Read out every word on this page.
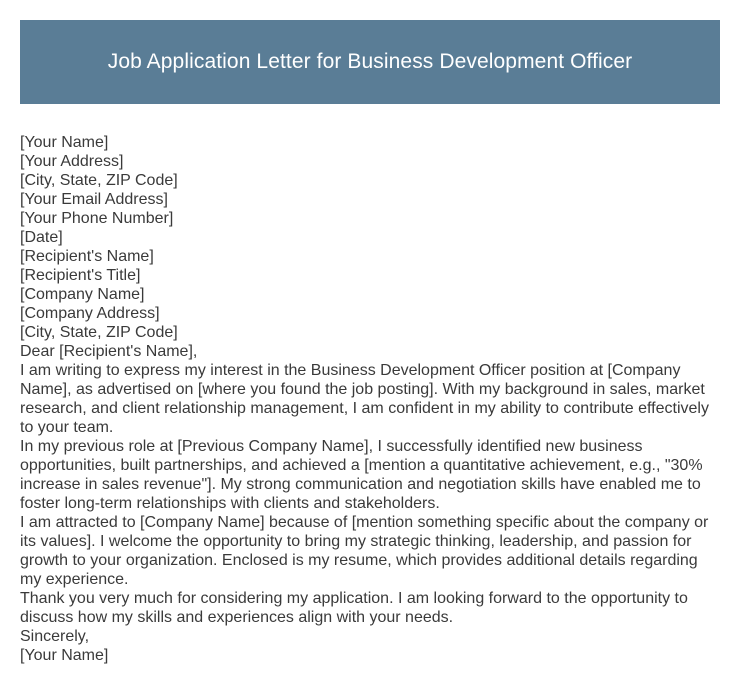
Job Application Letter for Business Development Officer
[Your Name]
[Your Address]
[City, State, ZIP Code]
[Your Email Address]
[Your Phone Number]
[Date]
[Recipient's Name]
[Recipient's Title]
[Company Name]
[Company Address]
[City, State, ZIP Code]
Dear [Recipient's Name],

I am writing to express my interest in the Business Development Officer position at [Company Name], as advertised on [where you found the job posting]. With my background in sales, market research, and client relationship management, I am confident in my ability to contribute effectively to your team.

In my previous role at [Previous Company Name], I successfully identified new business opportunities, built partnerships, and achieved a [mention a quantitative achievement, e.g., "30% increase in sales revenue"]. My strong communication and negotiation skills have enabled me to foster long-term relationships with clients and stakeholders.

I am attracted to [Company Name] because of [mention something specific about the company or its values]. I welcome the opportunity to bring my strategic thinking, leadership, and passion for growth to your organization. Enclosed is my resume, which provides additional details regarding my experience.

Thank you very much for considering my application. I am looking forward to the opportunity to discuss how my skills and experiences align with your needs.

Sincerely,
[Your Name]
